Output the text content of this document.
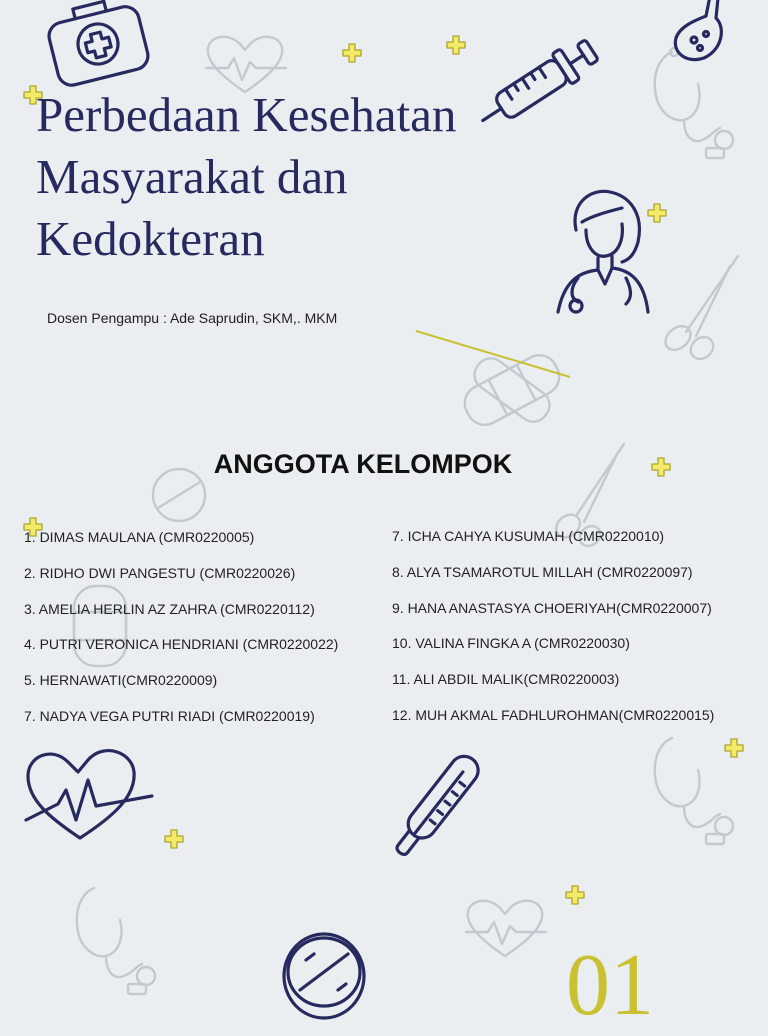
Perbedaan Kesehatan
Masyarakat dan
Kedokteran
Dosen Pengampu : Ade Saprudin, SKM,. MKM
ANGGOTA KELOMPOK
1. DIMAS MAULANA (CMR0220005)
2. RIDHO DWI PANGESTU (CMR0220026)
3. AMELIA HERLIN AZ ZAHRA (CMR0220112)
4. PUTRI VERONICA HENDRIANI (CMR0220022)
5. HERNAWATI(CMR0220009)
7. NADYA VEGA PUTRI RIADI (CMR0220019)
7. ICHA CAHYA KUSUMAH (CMR0220010)
8. ALYA TSAMAROTUL MILLAH (CMR0220097)
9. HANA ANASTASYA CHOERIYAH(CMR0220007)
10. VALINA FINGKA A (CMR0220030)
11. ALI ABDIL MALIK(CMR0220003)
12. MUH AKMAL FADHLUROHMAN(CMR0220015)
01
